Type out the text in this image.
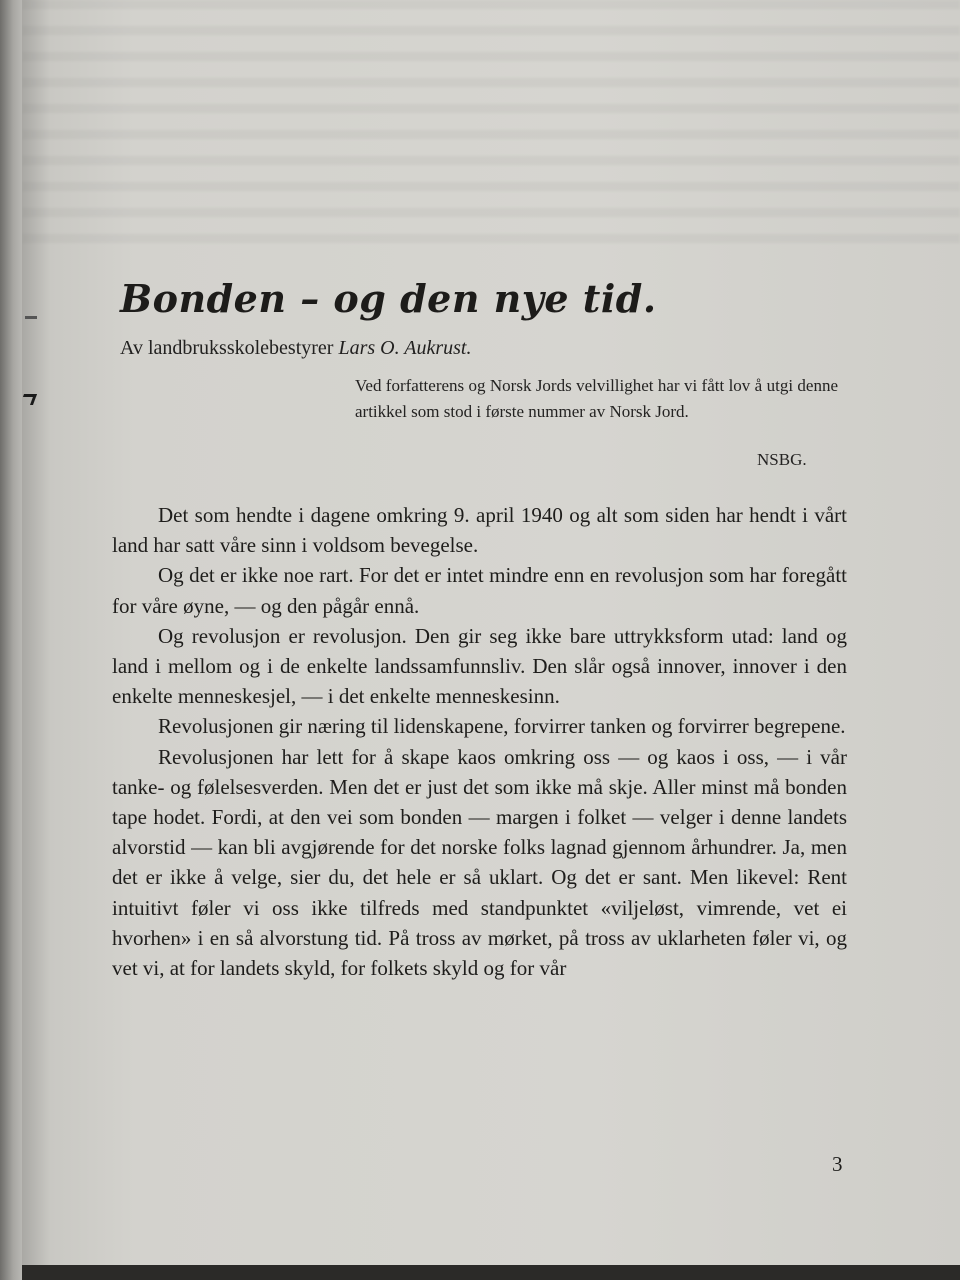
Bonden – og den nye tid.
Av landbruksskolebestyrer Lars O. Aukrust.
Ved forfatterens og Norsk Jords velvillighet har vi fått lov å utgi denne artikkel som stod i første nummer av Norsk Jord.
NSBG.

Det som hendte i dagene omkring 9. april 1940 og alt som siden har hendt i vårt land har satt våre sinn i voldsom bevegelse.

Og det er ikke noe rart. For det er intet mindre enn en revolusjon som har foregått for våre øyne, — og den pågår ennå.

Og revolusjon er revolusjon. Den gir seg ikke bare uttrykksform utad: land og land i mellom og i de enkelte landssamfunnsliv. Den slår også innover, innover i den enkelte menneskesjel, — i det enkelte menneskesinn.

Revolusjonen gir næring til lidenskapene, forvirrer tanken og forvirrer begrepene.

Revolusjonen har lett for å skape kaos omkring oss — og kaos i oss, — i vår tanke- og følelsesverden. Men det er just det som ikke må skje. Aller minst må bonden tape hodet. Fordi, at den vei som bonden — margen i folket — velger i denne landets alvorstid — kan bli avgjørende for det norske folks lagnad gjennom århundrer. Ja, men det er ikke å velge, sier du, det hele er så uklart. Og det er sant. Men likevel: Rent intuitivt føler vi oss ikke tilfreds med standpunktet «viljeløst, vimrende, vet ei hvorhen» i en så alvorstung tid. På tross av mørket, på tross av uklarheten føler vi, og vet vi, at for landets skyld, for folkets skyld og for vår

3
